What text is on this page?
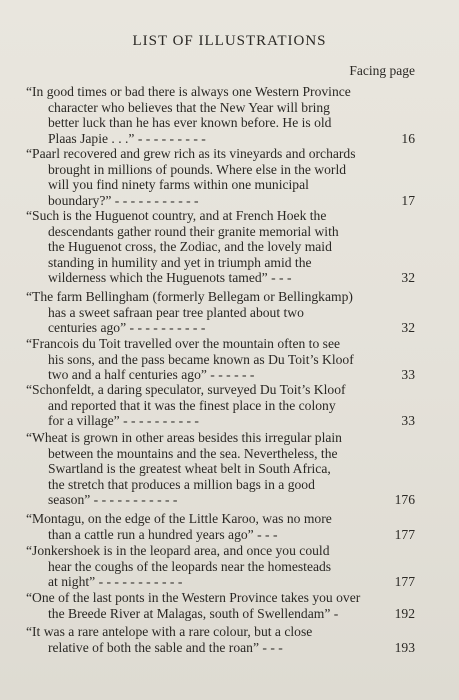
LIST OF ILLUSTRATIONS
Facing page
“In good times or bad there is always one Western Province
character who believes that the New Year will bring
better luck than he has ever known before. He is old
Plaas Japie . . .” - - - - - - - - -	16
“Paarl recovered and grew rich as its vineyards and orchards
brought in millions of pounds. Where else in the world
will you find ninety farms within one municipal
boundary?” - - - - - - - - - - -	17
“Such is the Huguenot country, and at French Hoek the
descendants gather round their granite memorial with
the Huguenot cross, the Zodiac, and the lovely maid
standing in humility and yet in triumph amid the
wilderness which the Huguenots tamed” - - -	32
“The farm Bellingham (formerly Bellegam or Bellingkamp)
has a sweet safraan pear tree planted about two
centuries ago” - - - - - - - - - -	32
“Francois du Toit travelled over the mountain often to see
his sons, and the pass became known as Du Toit’s Kloof
two and a half centuries ago” - - - - - -	33
“Schonfeldt, a daring speculator, surveyed Du Toit’s Kloof
and reported that it was the finest place in the colony
for a village” - - - - - - - - - -	33
“Wheat is grown in other areas besides this irregular plain
between the mountains and the sea. Nevertheless, the
Swartland is the greatest wheat belt in South Africa,
the stretch that produces a million bags in a good
season” - - - - - - - - - - -	176
“Montagu, on the edge of the Little Karoo, was no more
than a cattle run a hundred years ago” - - -	177
“Jonkershoek is in the leopard area, and once you could
hear the coughs of the leopards near the homesteads
at night” - - - - - - - - - - -	177
“One of the last ponts in the Western Province takes you over
the Breede River at Malagas, south of Swellendam” -	192
“It was a rare antelope with a rare colour, but a close
relative of both the sable and the roan” - - -	193
